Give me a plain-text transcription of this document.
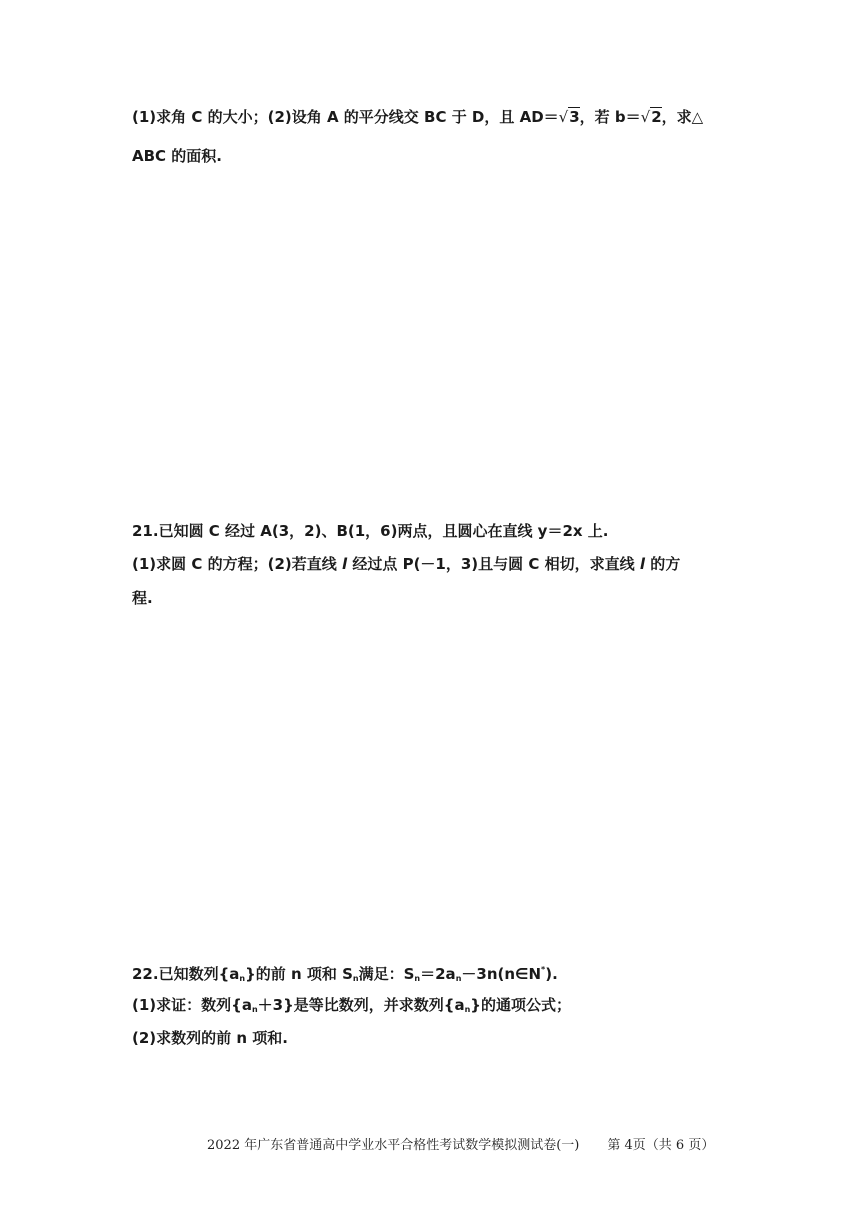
(1)求角 C 的大小；(2)设角 A 的平分线交 BC 于 D，且 AD＝√3，若 b＝√2，求△
ABC 的面积.
21.已知圆 C 经过 A(3，2)、B(1，6)两点，且圆心在直线 y＝2x 上.
(1)求圆 C 的方程；(2)若直线 l 经过点 P(－1，3)且与圆 C 相切，求直线 l 的方
程.
22.已知数列$\{a_n\}$的前 n 项和 $S_n$满足：$S_n=2a_n-3n(n\in N^*)$.
(1)求证：数列$\{a_n+3\}$是等比数列，并求数列$\{a_n\}$的通项公式；
(2)求数列的前 n 项和.
2022 年广东省普通高中学业水平合格性考试数学模拟测试卷(一) 第 4页（共 6 页）
